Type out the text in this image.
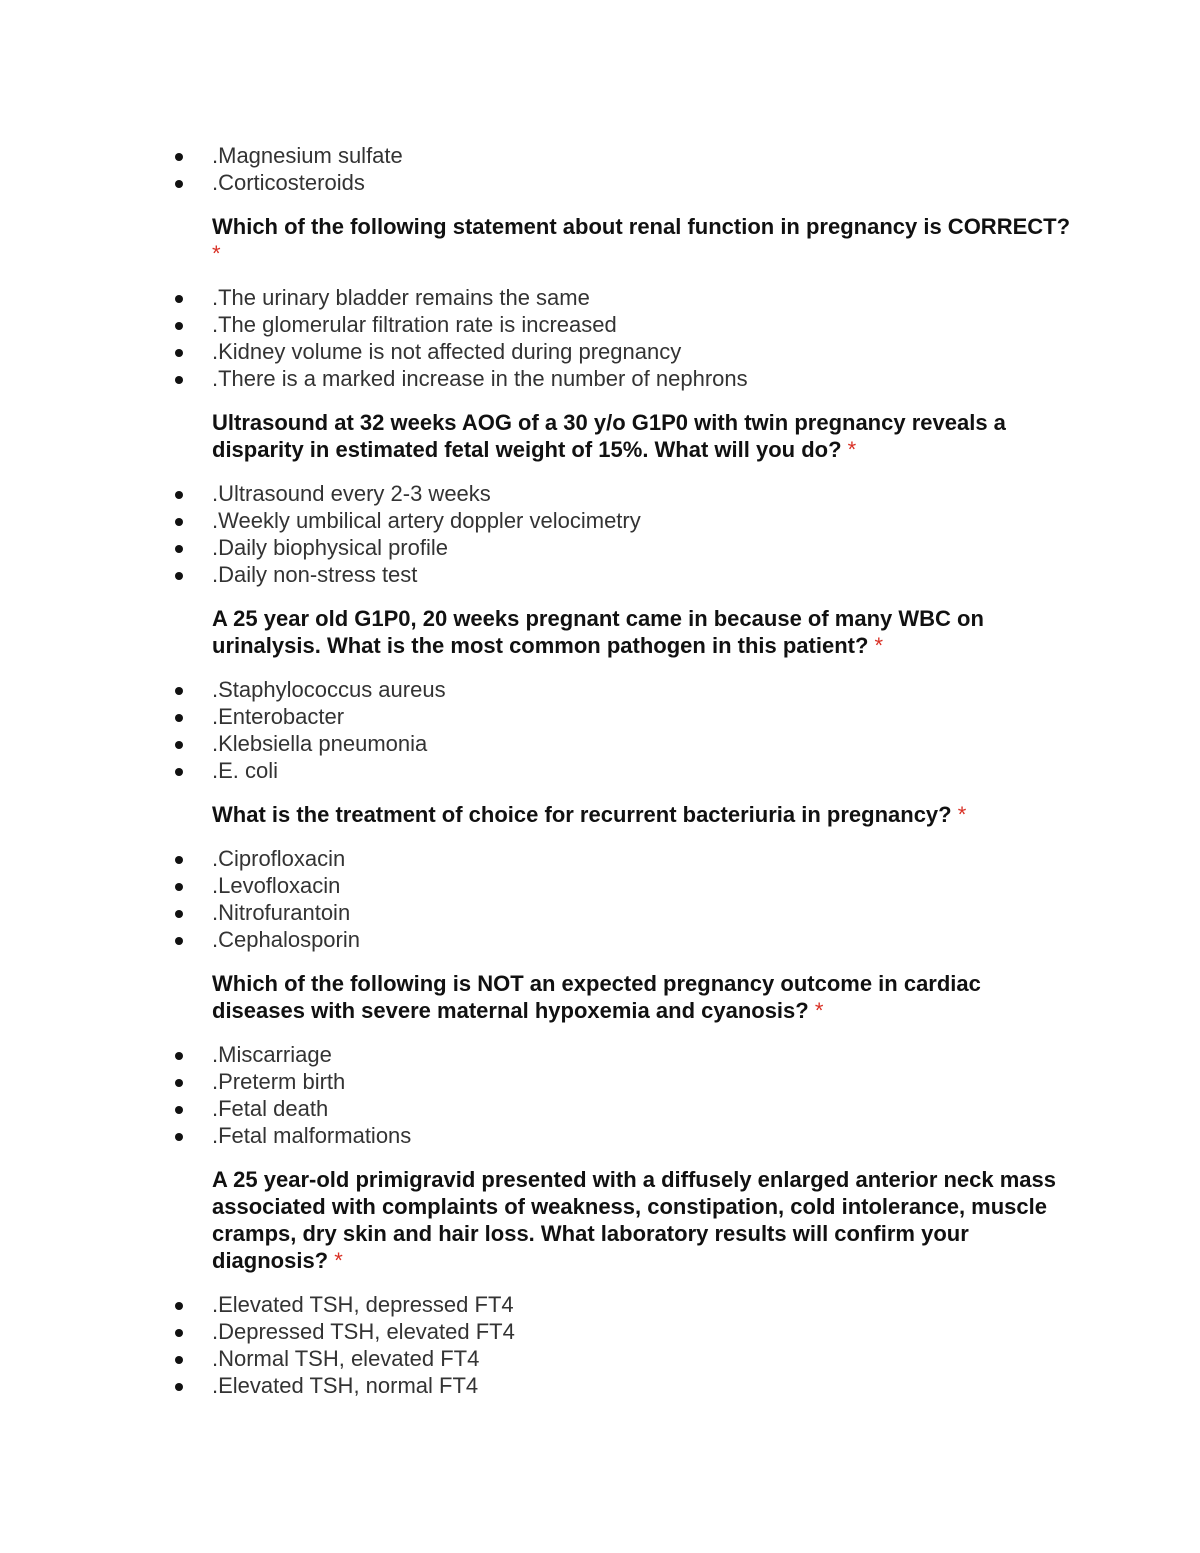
.Magnesium sulfate
.Corticosteroids
Which of the following statement about renal function in pregnancy is CORRECT? *
.The urinary bladder remains the same
.The glomerular filtration rate is increased
.Kidney volume is not affected during pregnancy
.There is a marked increase in the number of nephrons
Ultrasound at 32 weeks AOG of a 30 y/o G1P0 with twin pregnancy reveals a disparity in estimated fetal weight of 15%. What will you do? *
.Ultrasound every 2-3 weeks
.Weekly umbilical artery doppler velocimetry
.Daily biophysical profile
.Daily non-stress test
A 25 year old G1P0, 20 weeks pregnant came in because of many WBC on urinalysis. What is the most common pathogen in this patient? *
.Staphylococcus aureus
.Enterobacter
.Klebsiella pneumonia
.E. coli
What is the treatment of choice for recurrent bacteriuria in pregnancy? *
.Ciprofloxacin
.Levofloxacin
.Nitrofurantoin
.Cephalosporin
Which of the following is NOT an expected pregnancy outcome in cardiac diseases with severe maternal hypoxemia and cyanosis? *
.Miscarriage
.Preterm birth
.Fetal death
.Fetal malformations
A 25 year-old primigravid presented with a diffusely enlarged anterior neck mass associated with complaints of weakness, constipation, cold intolerance, muscle cramps, dry skin and hair loss. What laboratory results will confirm your diagnosis? *
.Elevated TSH, depressed FT4
.Depressed TSH, elevated FT4
.Normal TSH, elevated FT4
.Elevated TSH, normal FT4
